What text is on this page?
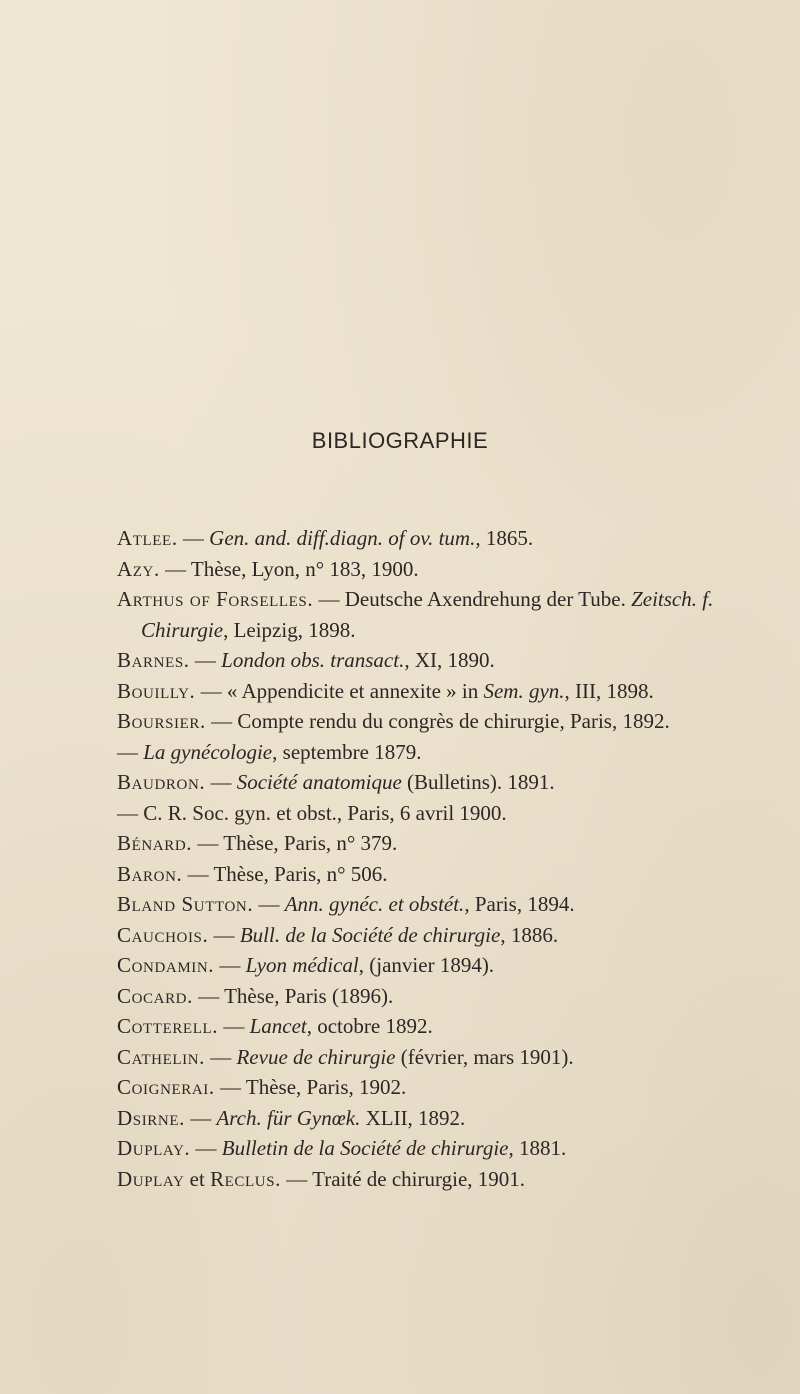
BIBLIOGRAPHIE
Atlee. — Gen. and. diff.diagn. of ov. tum., 1865.
Azy. — Thèse, Lyon, n° 183, 1900.
Arthus of Forselles. — Deutsche Axendrehung der Tube. Zeitsch. f. Chirurgie, Leipzig, 1898.
Barnes. — London obs. transact., XI, 1890.
Bouilly. — « Appendicite et annexite » in Sem. gyn., III, 1898.
Boursier. — Compte rendu du congrès de chirurgie, Paris, 1892.
— La gynécologie, septembre 1879.
Baudron. — Société anatomique (Bulletins). 1891.
— C. R. Soc. gyn. et obst., Paris, 6 avril 1900.
Bénard. — Thèse, Paris, n° 379.
Baron. — Thèse, Paris, n° 506.
Bland Sutton. — Ann. gynéc. et obstét., Paris, 1894.
Cauchois. — Bull. de la Société de chirurgie, 1886.
Condamin. — Lyon médical, (janvier 1894).
Cocard. — Thèse, Paris (1896).
Cotterell. — Lancet, octobre 1892.
Cathelin. — Revue de chirurgie (février, mars 1901).
Coignerai. — Thèse, Paris, 1902.
Dsirne. — Arch. für Gynœk. XLII, 1892.
Duplay. — Bulletin de la Société de chirurgie, 1881.
Duplay et Reclus. — Traité de chirurgie, 1901.
